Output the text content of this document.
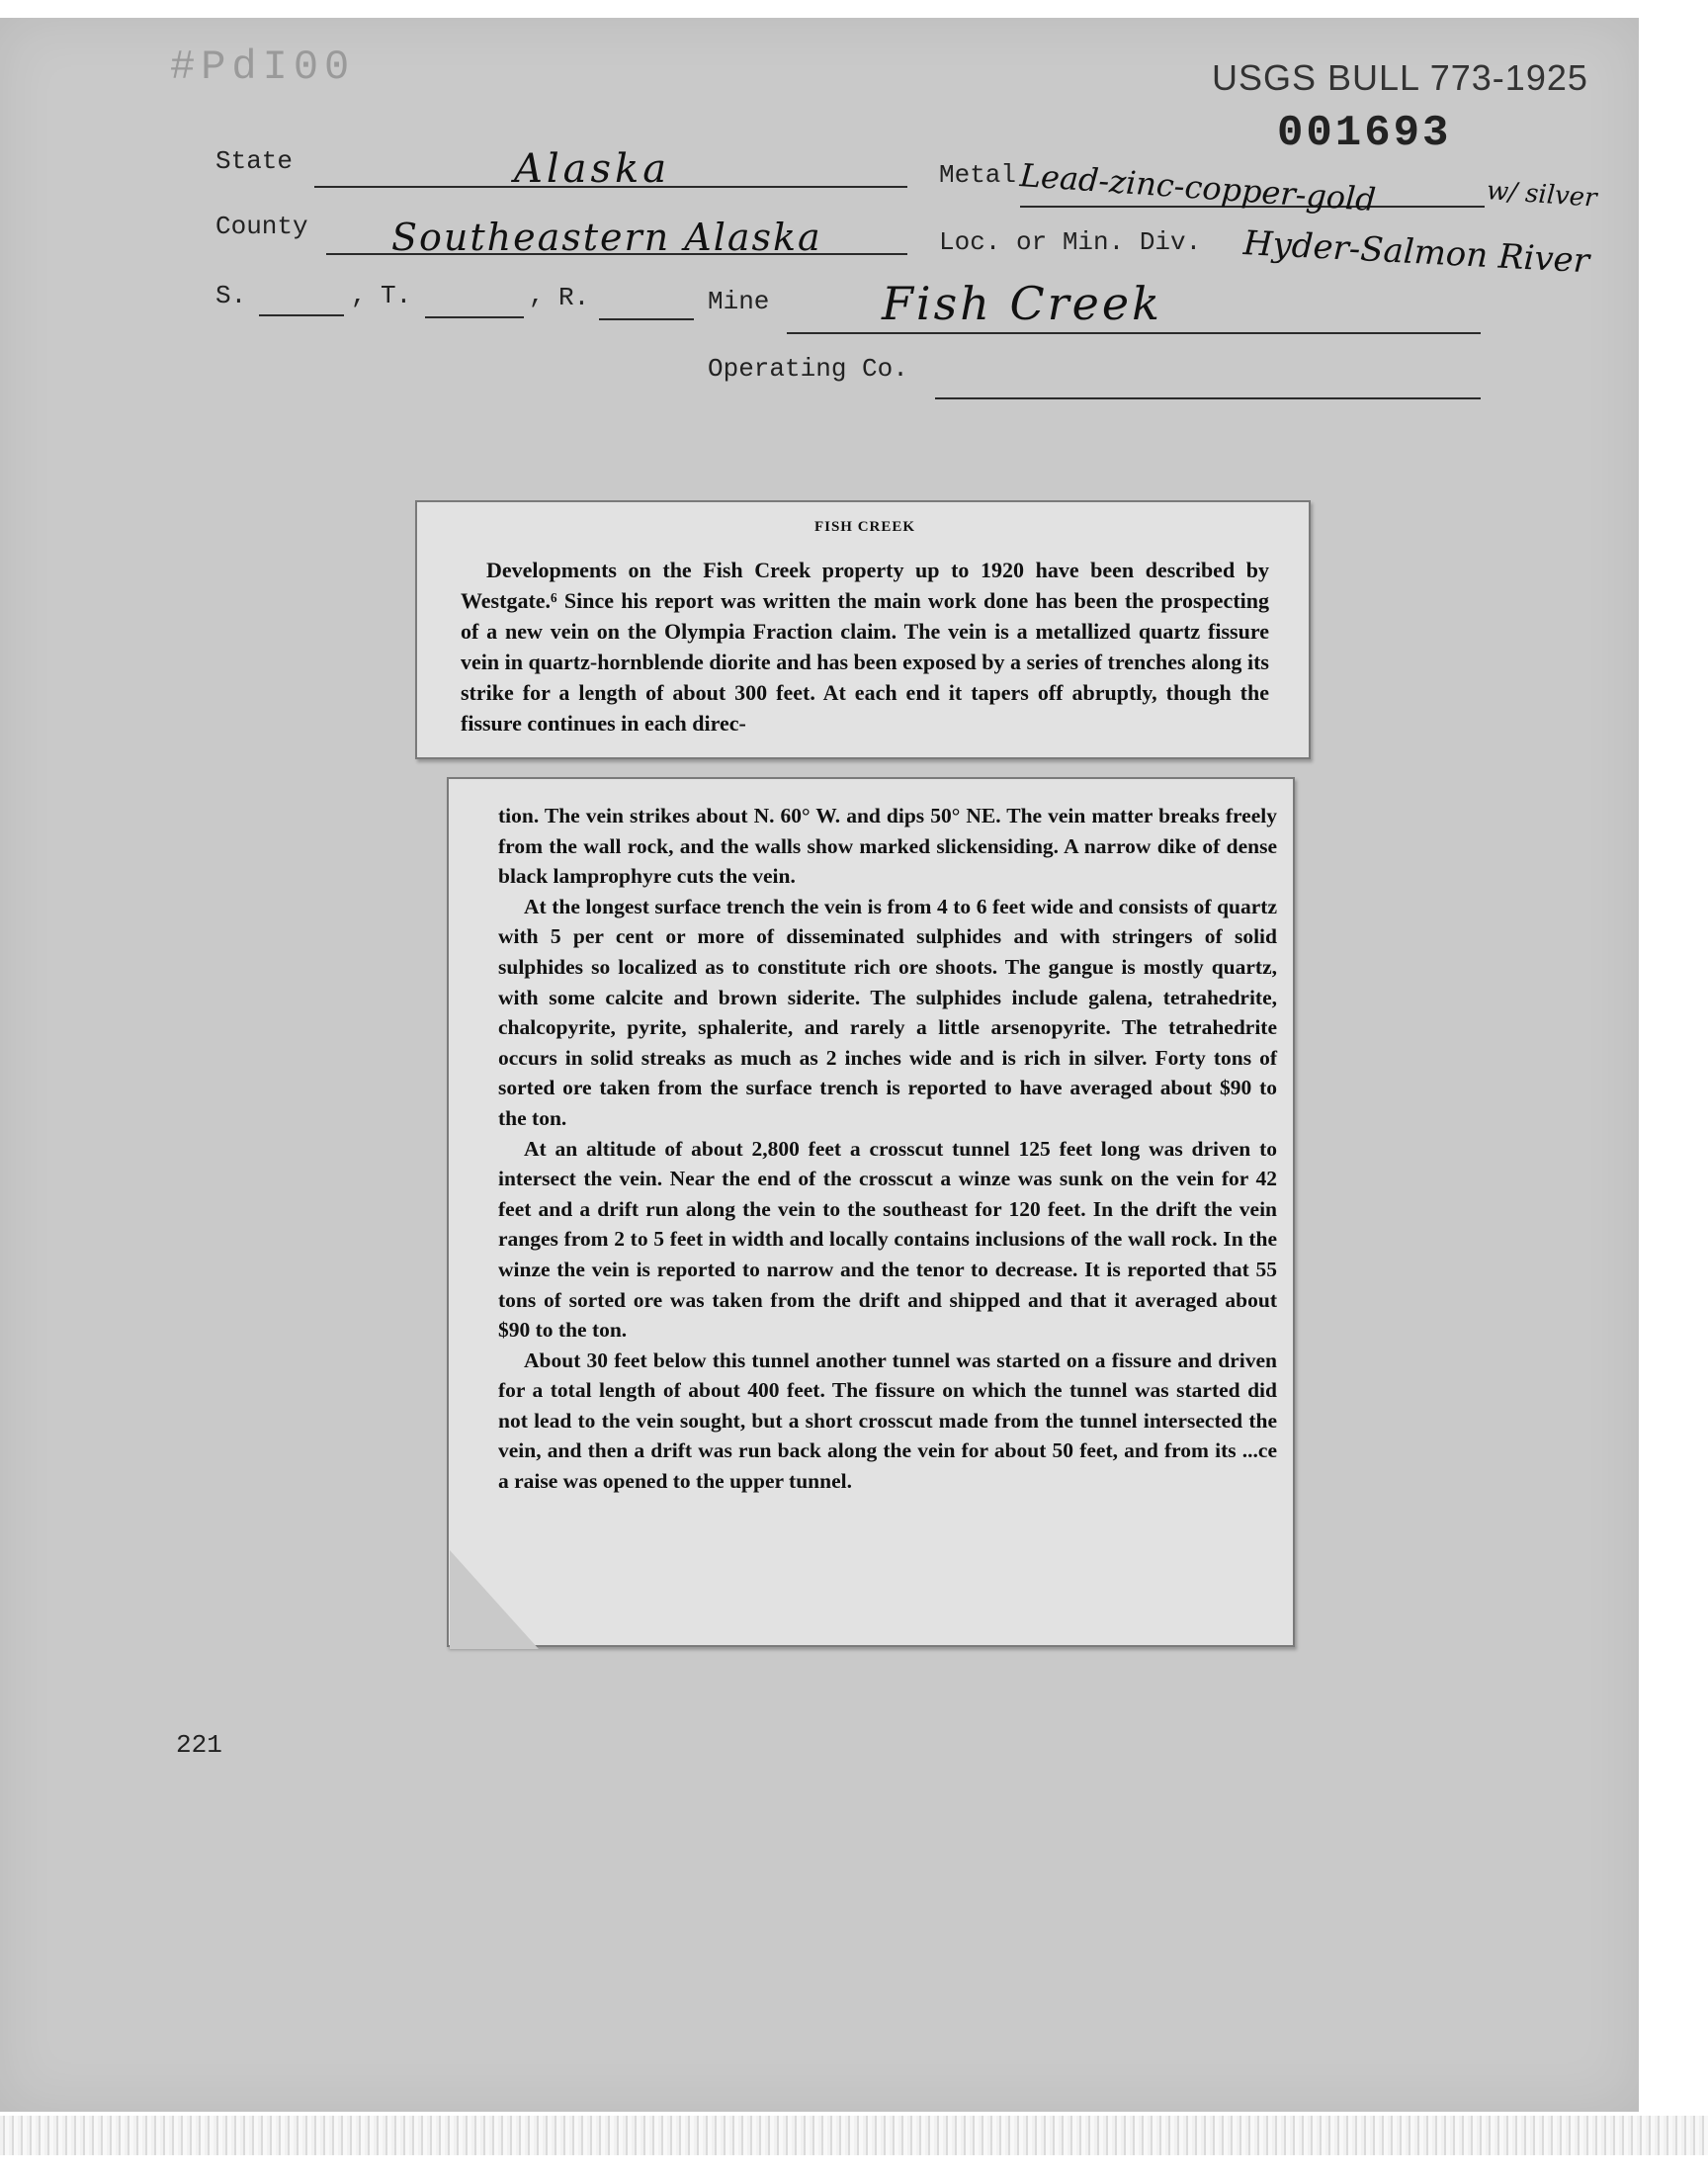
#PdI00	USGS BULL 773-1925
001693
State	Alaska	Metal Lead-zinc-copper-gold	w/ silver
County Southeastern Alaska	Loc. or Min. Div. Hyder-Salmon River
S.	, T.	, R.	Mine Fish Creek
Operating Co.
FISH CREEK

Developments on the Fish Creek property up to 1920 have been described by Westgate.⁶ Since his report was written the main work done has been the prospecting of a new vein on the Olympia Fraction claim. The vein is a metallized quartz fissure vein in quartz-hornblende diorite and has been exposed by a series of trenches along its strike for a length of about 300 feet. At each end it tapers off abruptly, though the fissure continues in each direc-

tion. The vein strikes about N. 60° W. and dips 50° NE. The vein matter breaks freely from the wall rock, and the walls show marked slickensiding. A narrow dike of dense black lamprophyre cuts the vein.

At the longest surface trench the vein is from 4 to 6 feet wide and consists of quartz with 5 per cent or more of disseminated sulphides and with stringers of solid sulphides so localized as to constitute rich ore shoots. The gangue is mostly quartz, with some calcite and brown siderite. The sulphides include galena, tetrahedrite, chalcopyrite, pyrite, sphalerite, and rarely a little arsenopyrite. The tetrahedrite occurs in solid streaks as much as 2 inches wide and is rich in silver. Forty tons of sorted ore taken from the surface trench is reported to have averaged about $90 to the ton.

At an altitude of about 2,800 feet a crosscut tunnel 125 feet long was driven to intersect the vein. Near the end of the crosscut a winze was sunk on the vein for 42 feet and a drift run along the vein to the southeast for 120 feet. In the drift the vein ranges from 2 to 5 feet in width and locally contains inclusions of the wall rock. In the winze the vein is reported to narrow and the tenor to decrease. It is reported that 55 tons of sorted ore was taken from the drift and shipped and that it averaged about $90 to the ton.

About 30 feet below this tunnel another tunnel was started on a fissure and driven for a total length of about 400 feet. The fissure on which the tunnel was started did not lead to the vein sought, but a short crosscut made from the tunnel intersected the vein, and then a drift was run back along the vein for about 50 feet, and from its ...ce a raise was opened to the upper tunnel.

221
